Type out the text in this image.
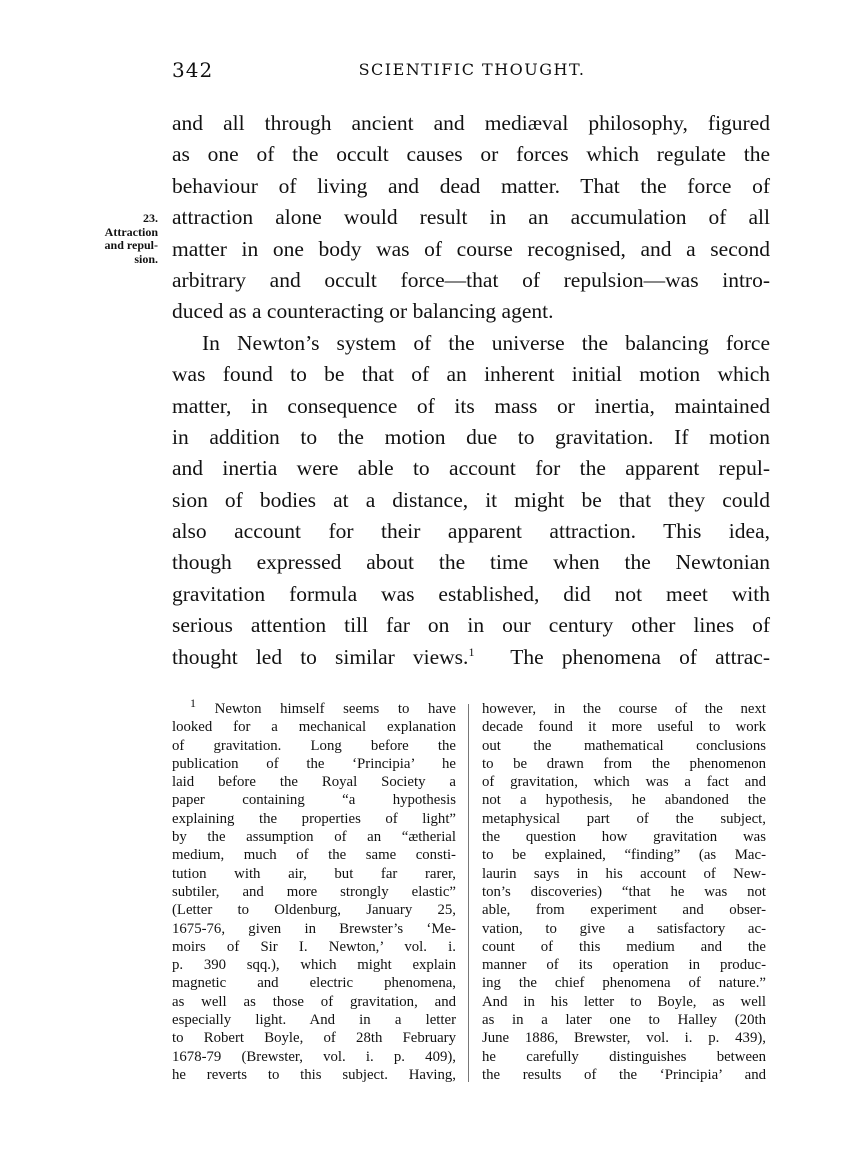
342	SCIENTIFIC THOUGHT.
23.
Attraction
and repul-
sion.
and all through ancient and mediæval philosophy, figured
as one of the occult causes or forces which regulate the
behaviour of living and dead matter. That the force of
attraction alone would result in an accumulation of all
matter in one body was of course recognised, and a second
arbitrary and occult force—that of repulsion—was intro-
duced as a counteracting or balancing agent.
In Newton’s system of the universe the balancing force
was found to be that of an inherent initial motion which
matter, in consequence of its mass or inertia, maintained
in addition to the motion due to gravitation. If motion
and inertia were able to account for the apparent repul-
sion of bodies at a distance, it might be that they could
also account for their apparent attraction. This idea,
though expressed about the time when the Newtonian
gravitation formula was established, did not meet with
serious attention till far on in our century other lines of
thought led to similar views.$^1$  The phenomena of attrac-
$^1$ Newton himself seems to have
looked for a mechanical explanation
of gravitation. Long before the
publication of the ‘Principia’ he
laid before the Royal Society a
paper containing “a hypothesis
explaining the properties of light”
by the assumption of an “ætherial
medium, much of the same consti-
tution with air, but far rarer,
subtiler, and more strongly elastic”
(Letter to Oldenburg, January 25,
1675-76, given in Brewster’s ‘Me-
moirs of Sir I. Newton,’ vol. i.
p. 390 sqq.), which might explain
magnetic and electric phenomena,
as well as those of gravitation, and
especially light. And in a letter
to Robert Boyle, of 28th February
1678-79 (Brewster, vol. i. p. 409),
he reverts to this subject. Having,
however, in the course of the next
decade found it more useful to work
out the mathematical conclusions
to be drawn from the phenomenon
of gravitation, which was a fact and
not a hypothesis, he abandoned the
metaphysical part of the subject,
the question how gravitation was
to be explained, “finding” (as Mac-
laurin says in his account of New-
ton’s discoveries) “that he was not
able, from experiment and obser-
vation, to give a satisfactory ac-
count of this medium and the
manner of its operation in produc-
ing the chief phenomena of nature.”
And in his letter to Boyle, as well
as in a later one to Halley (20th
June 1886, Brewster, vol. i. p. 439),
he carefully distinguishes between
the results of the ‘Principia’ and
